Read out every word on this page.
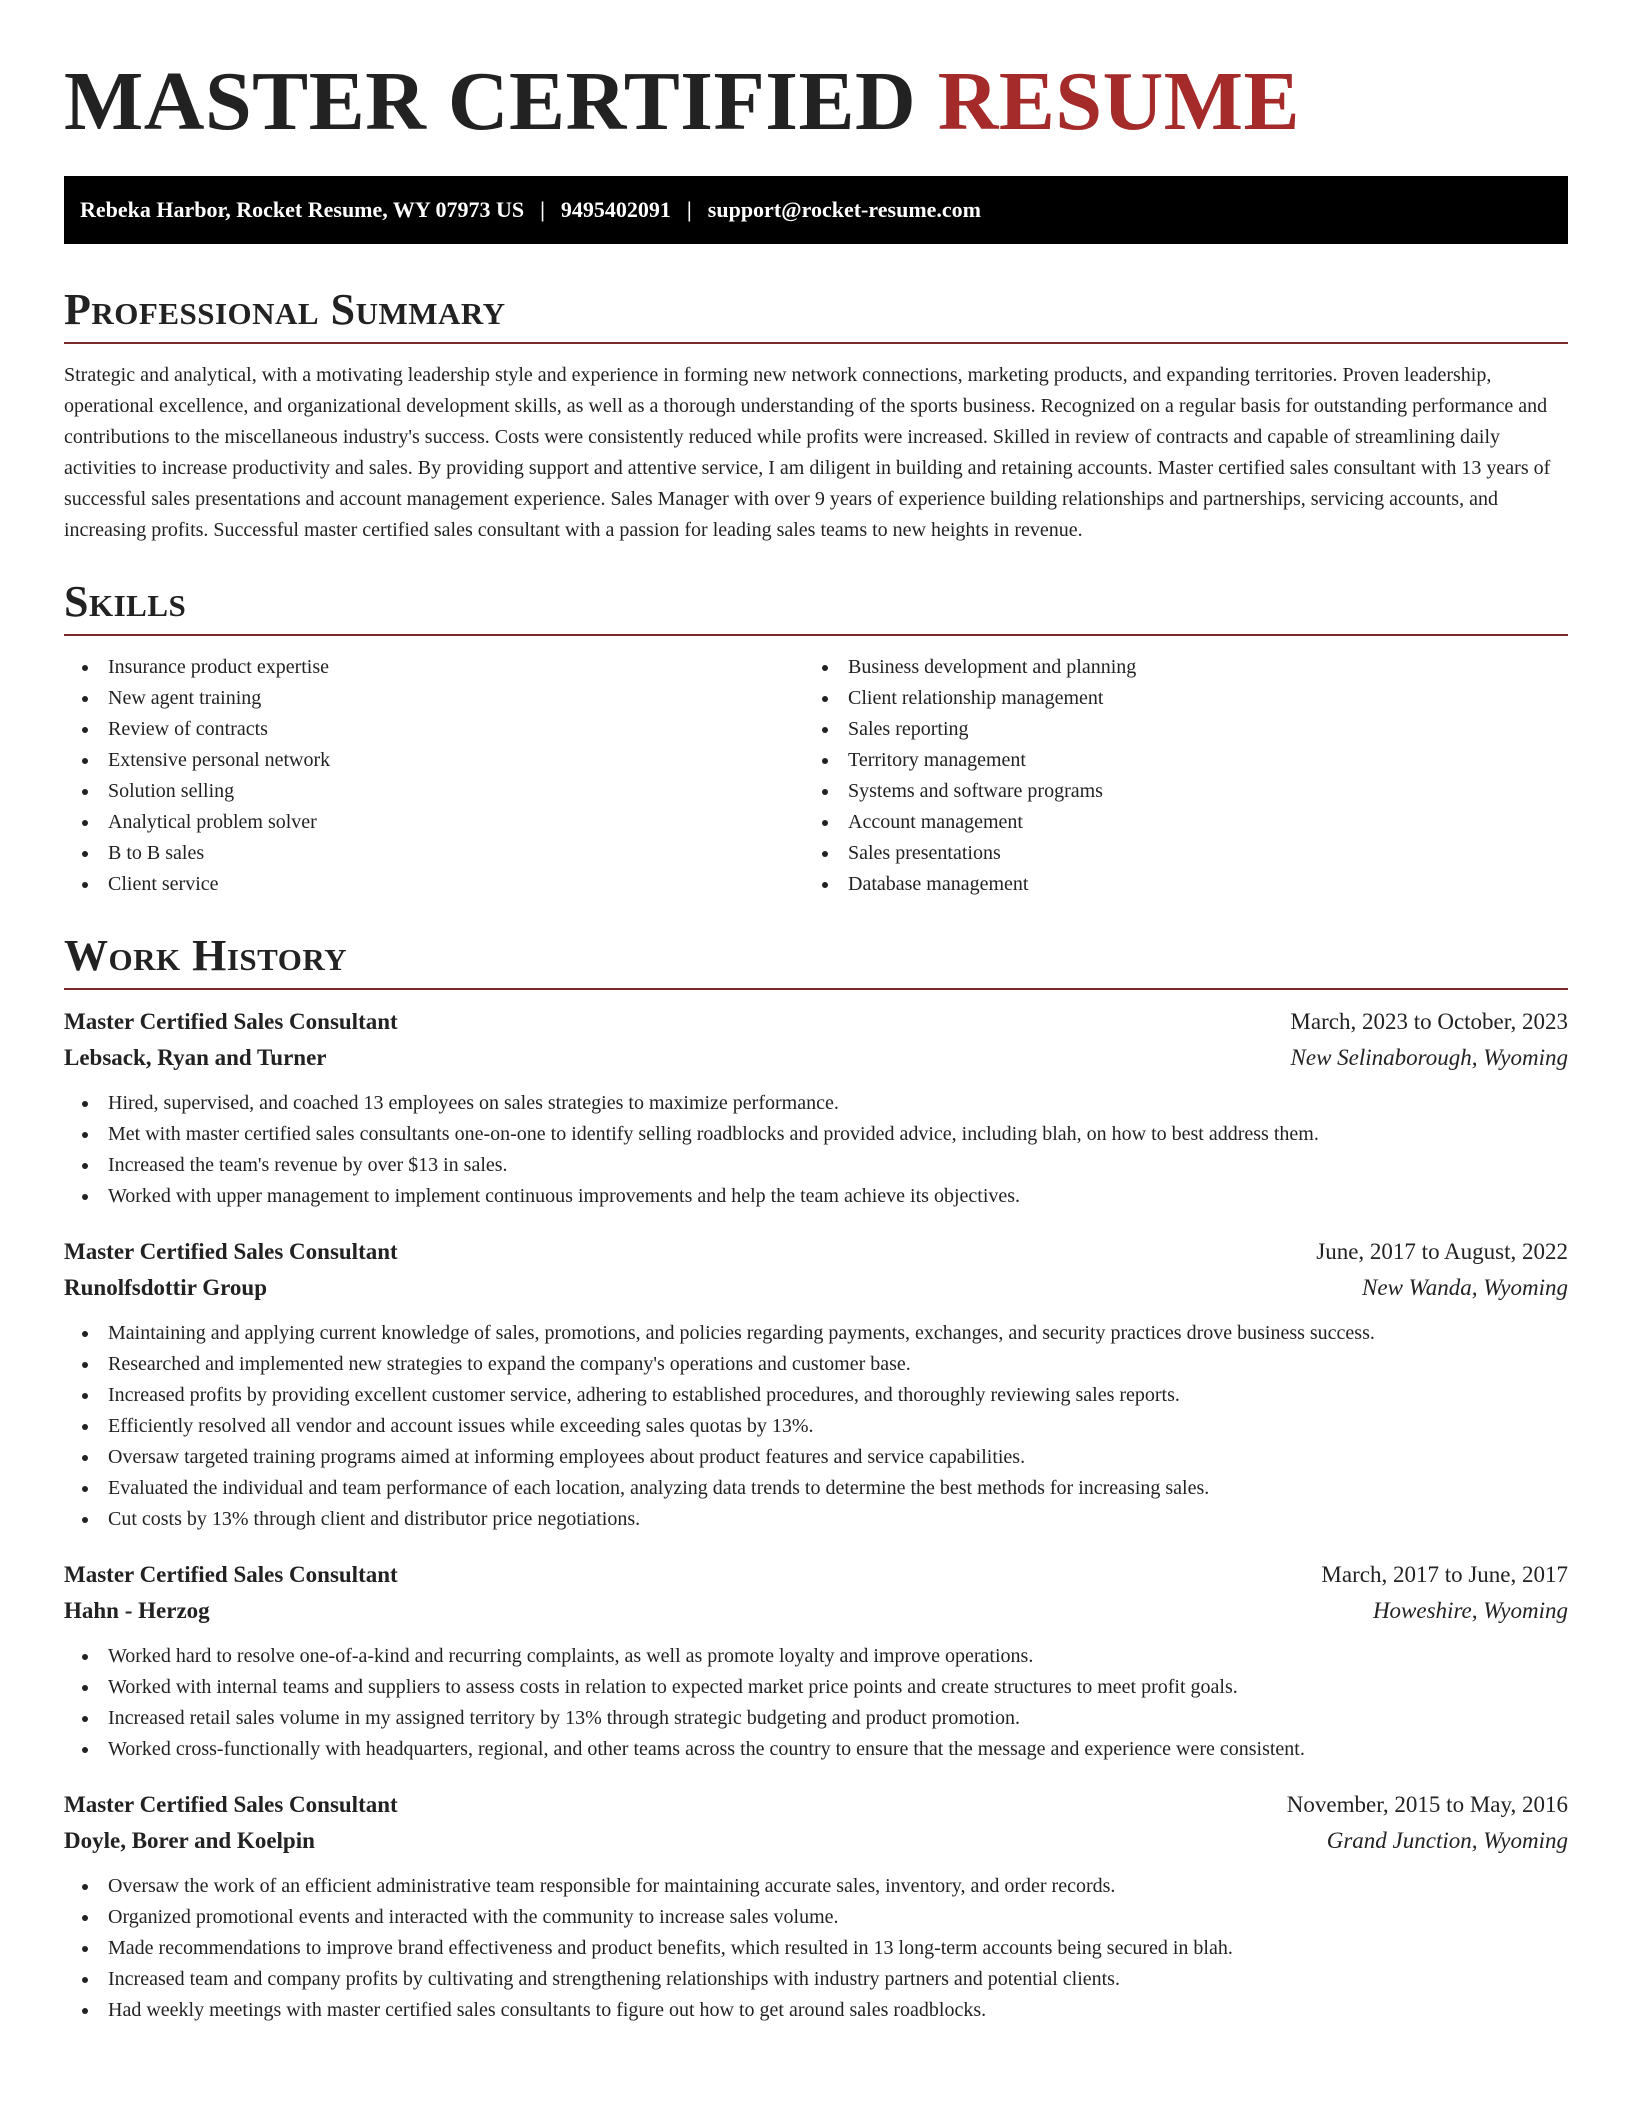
MASTER CERTIFIED RESUME
Rebeka Harbor, Rocket Resume, WY 07973 US | 9495402091 | support@rocket-resume.com
Professional Summary

Strategic and analytical, with a motivating leadership style and experience in forming new network connections, marketing products, and expanding territories. Proven leadership, operational excellence, and organizational development skills, as well as a thorough understanding of the sports business. Recognized on a regular basis for outstanding performance and contributions to the miscellaneous industry's success. Costs were consistently reduced while profits were increased. Skilled in review of contracts and capable of streamlining daily activities to increase productivity and sales. By providing support and attentive service, I am diligent in building and retaining accounts. Master certified sales consultant with 13 years of successful sales presentations and account management experience. Sales Manager with over 9 years of experience building relationships and partnerships, servicing accounts, and increasing profits. Successful master certified sales consultant with a passion for leading sales teams to new heights in revenue.

Skills
Insurance product expertise
New agent training
Review of contracts
Extensive personal network
Solution selling
Analytical problem solver
B to B sales
Client service
Business development and planning
Client relationship management
Sales reporting
Territory management
Systems and software programs
Account management
Sales presentations
Database management
Work History
Master Certified Sales Consultant	March, 2023 to October, 2023
Lebsack, Ryan and Turner	New Selinaborough, Wyoming
Hired, supervised, and coached 13 employees on sales strategies to maximize performance.
Met with master certified sales consultants one-on-one to identify selling roadblocks and provided advice, including blah, on how to best address them.
Increased the team's revenue by over $13 in sales.
Worked with upper management to implement continuous improvements and help the team achieve its objectives.
Master Certified Sales Consultant	June, 2017 to August, 2022
Runolfsdottir Group	New Wanda, Wyoming
Maintaining and applying current knowledge of sales, promotions, and policies regarding payments, exchanges, and security practices drove business success.
Researched and implemented new strategies to expand the company's operations and customer base.
Increased profits by providing excellent customer service, adhering to established procedures, and thoroughly reviewing sales reports.
Efficiently resolved all vendor and account issues while exceeding sales quotas by 13%.
Oversaw targeted training programs aimed at informing employees about product features and service capabilities.
Evaluated the individual and team performance of each location, analyzing data trends to determine the best methods for increasing sales.
Cut costs by 13% through client and distributor price negotiations.
Master Certified Sales Consultant	March, 2017 to June, 2017
Hahn - Herzog	Howeshire, Wyoming
Worked hard to resolve one-of-a-kind and recurring complaints, as well as promote loyalty and improve operations.
Worked with internal teams and suppliers to assess costs in relation to expected market price points and create structures to meet profit goals.
Increased retail sales volume in my assigned territory by 13% through strategic budgeting and product promotion.
Worked cross-functionally with headquarters, regional, and other teams across the country to ensure that the message and experience were consistent.
Master Certified Sales Consultant	November, 2015 to May, 2016
Doyle, Borer and Koelpin	Grand Junction, Wyoming
Oversaw the work of an efficient administrative team responsible for maintaining accurate sales, inventory, and order records.
Organized promotional events and interacted with the community to increase sales volume.
Made recommendations to improve brand effectiveness and product benefits, which resulted in 13 long-term accounts being secured in blah.
Increased team and company profits by cultivating and strengthening relationships with industry partners and potential clients.
Had weekly meetings with master certified sales consultants to figure out how to get around sales roadblocks.
